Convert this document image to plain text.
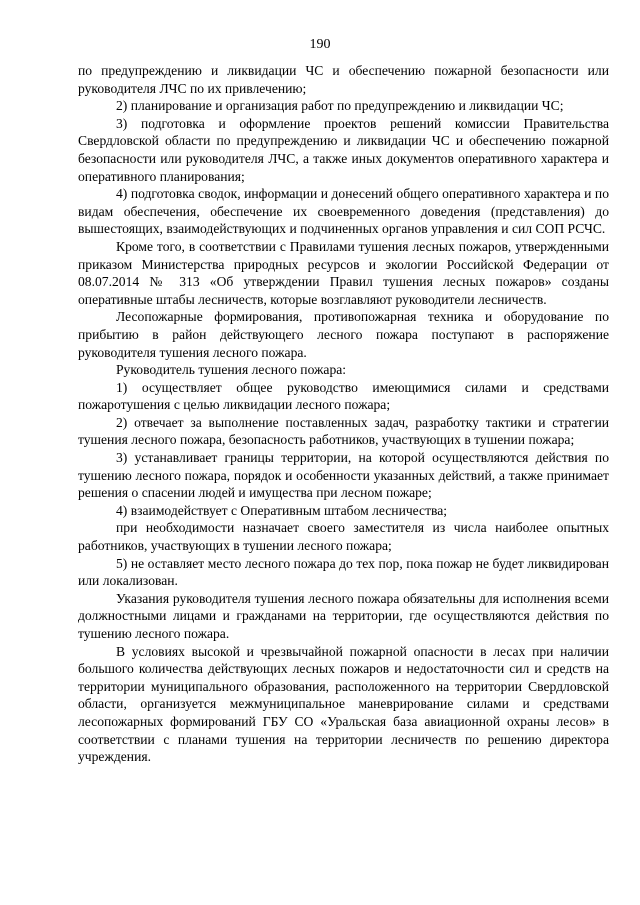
190

по предупреждению и ликвидации ЧС и обеспечению пожарной безопасности или руководителя ЛЧС по их привлечению;

2) планирование и организация работ по предупреждению и ликвидации ЧС;

3) подготовка и оформление проектов решений комиссии Правительства Свердловской области по предупреждению и ликвидации ЧС и обеспечению пожарной безопасности или руководителя ЛЧС, а также иных документов оперативного характера и оперативного планирования;

4) подготовка сводок, информации и донесений общего оперативного характера и по видам обеспечения, обеспечение их своевременного доведения (представления) до вышестоящих, взаимодействующих и подчиненных органов управления и сил СОП РСЧС.

Кроме того, в соответствии с Правилами тушения лесных пожаров, утвержденными приказом Министерства природных ресурсов и экологии Российской Федерации от 08.07.2014 № 313 «Об утверждении Правил тушения лесных пожаров» созданы оперативные штабы лесничеств, которые возглавляют руководители лесничеств.

Лесопожарные формирования, противопожарная техника и оборудование по прибытию в район действующего лесного пожара поступают в распоряжение руководителя тушения лесного пожара.

Руководитель тушения лесного пожара:

1) осуществляет общее руководство имеющимися силами и средствами пожаротушения с целью ликвидации лесного пожара;

2) отвечает за выполнение поставленных задач, разработку тактики и стратегии тушения лесного пожара, безопасность работников, участвующих в тушении пожара;

3) устанавливает границы территории, на которой осуществляются действия по тушению лесного пожара, порядок и особенности указанных действий, а также принимает решения о спасении людей и имущества при лесном пожаре;

4) взаимодействует с Оперативным штабом лесничества;

при необходимости назначает своего заместителя из числа наиболее опытных работников, участвующих в тушении лесного пожара;

5) не оставляет место лесного пожара до тех пор, пока пожар не будет ликвидирован или локализован.

Указания руководителя тушения лесного пожара обязательны для исполнения всеми должностными лицами и гражданами на территории, где осуществляются действия по тушению лесного пожара.

В условиях высокой и чрезвычайной пожарной опасности в лесах при наличии большого количества действующих лесных пожаров и недостаточности сил и средств на территории муниципального образования, расположенного на территории Свердловской области, организуется межмуниципальное маневрирование силами и средствами лесопожарных формирований ГБУ СО «Уральская база авиационной охраны лесов» в соответствии с планами тушения на территории лесничеств по решению директора учреждения.
